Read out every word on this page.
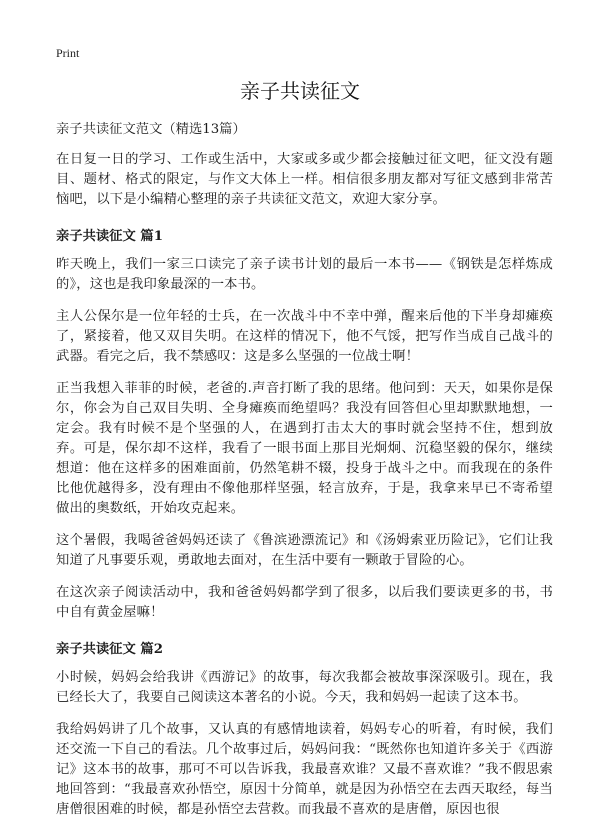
Print
亲子共读征文

亲子共读征文范文（精选13篇）

在日复一日的学习、工作或生活中，大家或多或少都会接触过征文吧，征文没有题目、题材、格式的限定，与作文大体上一样。相信很多朋友都对写征文感到非常苦恼吧，以下是小编精心整理的亲子共读征文范文，欢迎大家分享。

亲子共读征文 篇1

昨天晚上，我们一家三口读完了亲子读书计划的最后一本书——《钢铁是怎样炼成的》，这也是我印象最深的一本书。

主人公保尔是一位年轻的士兵，在一次战斗中不幸中弹，醒来后他的下半身却瘫痪了，紧接着，他又双目失明。在这样的情况下，他不气馁，把写作当成自己战斗的武器。看完之后，我不禁感叹：这是多么坚强的一位战士啊！

正当我想入菲菲的时候，老爸的.声音打断了我的思绪。他问到：天天，如果你是保尔，你会为自己双目失明、全身瘫痪而绝望吗？我没有回答但心里却默默地想，一定会。我有时候不是个坚强的人，在遇到打击太大的事时就会坚持不住，想到放弃。可是，保尔却不这样，我看了一眼书面上那目光炯炯、沉稳坚毅的保尔，继续想道：他在这样多的困难面前，仍然笔耕不辍，投身于战斗之中。而我现在的条件比他优越得多，没有理由不像他那样坚强，轻言放弃，于是，我拿来早已不寄希望做出的奥数纸，开始攻克起来。

这个暑假，我喝爸爸妈妈还读了《鲁滨逊漂流记》和《汤姆索亚历险记》，它们让我知道了凡事要乐观，勇敢地去面对，在生活中要有一颗敢于冒险的心。

在这次亲子阅读活动中，我和爸爸妈妈都学到了很多，以后我们要读更多的书，书中自有黄金屋嘛！

亲子共读征文 篇2

小时候，妈妈会给我讲《西游记》的故事，每次我都会被故事深深吸引。现在，我已经长大了，我要自己阅读这本著名的小说。今天，我和妈妈一起读了这本书。

我给妈妈讲了几个故事，又认真的有感情地读着，妈妈专心的听着，有时候，我们还交流一下自己的看法。几个故事过后，妈妈问我：“既然你也知道许多关于《西游记》这本书的故事，那可不可以告诉我，我最喜欢谁？又最不喜欢谁？”我不假思索地回答到：“我最喜欢孙悟空，原因十分简单，就是因为孙悟空在去西天取经，每当唐僧很困难的时候，都是孙悟空去营救。而我最不喜欢的是唐僧，原因也很
